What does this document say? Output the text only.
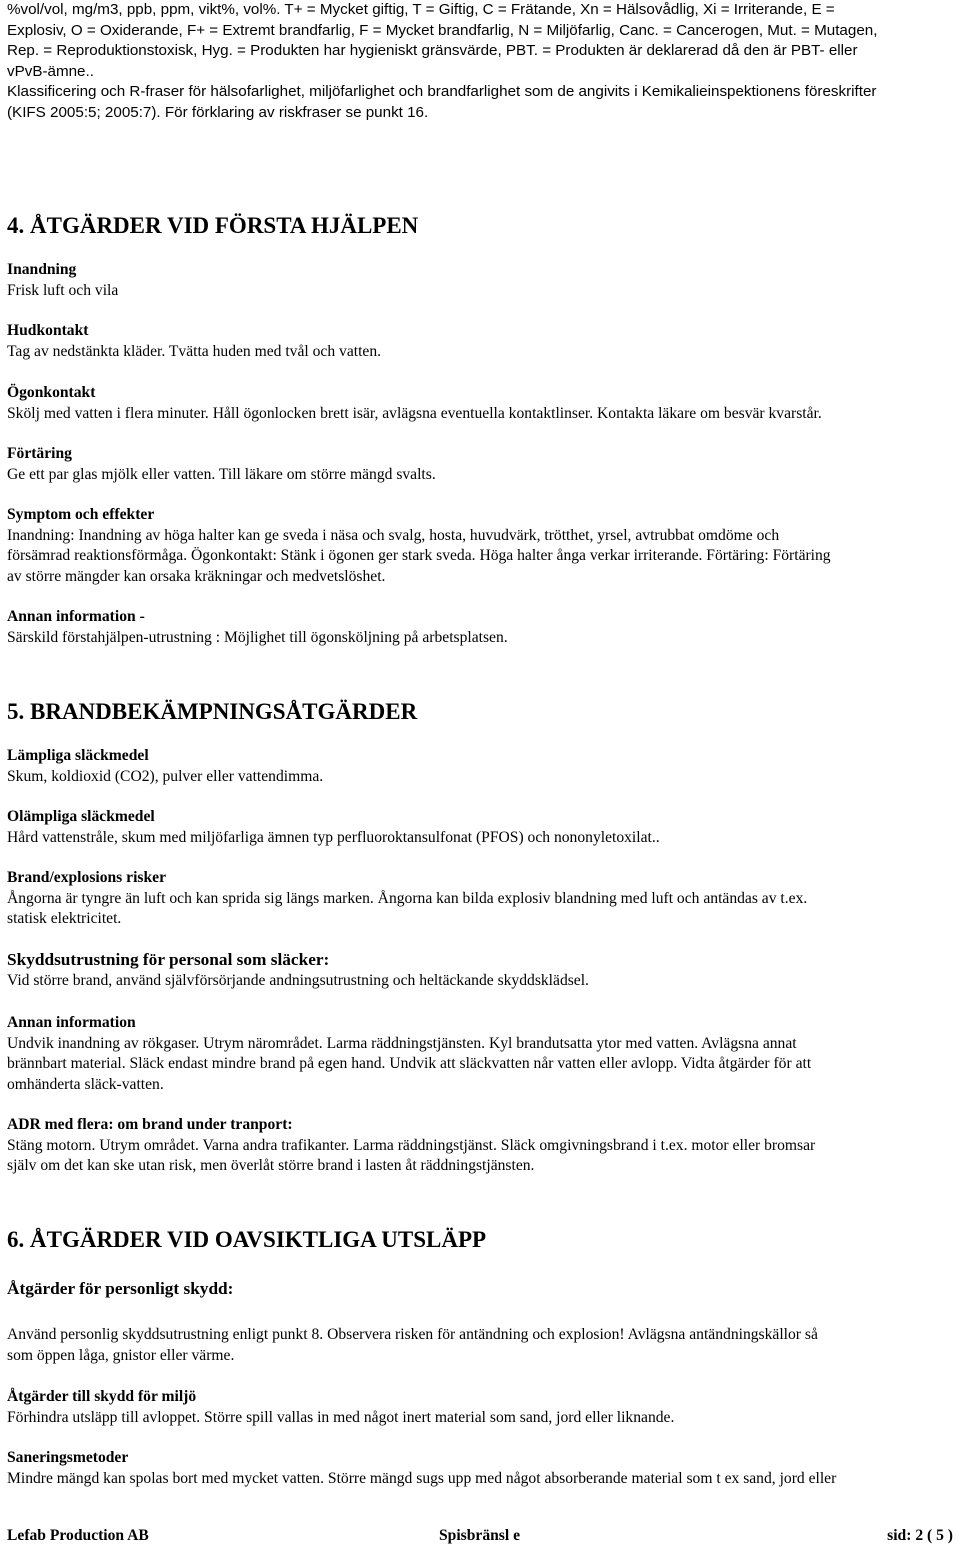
%vol/vol, mg/m3, ppb, ppm, vikt%, vol%. T+ = Mycket giftig, T = Giftig, C = Frätande, Xn = Hälsovådlig, Xi = Irriterande, E =
Explosiv, O = Oxiderande, F+ = Extremt brandfarlig, F = Mycket brandfarlig, N = Miljöfarlig, Canc. = Cancerogen, Mut. = Mutagen,
Rep. = Reproduktionstoxisk, Hyg. = Produkten har hygieniskt gränsvärde, PBT. = Produkten är deklarerad då den är PBT- eller
vPvB-ämne..
Klassificering och R-fraser för hälsofarlighet, miljöfarlighet och brandfarlighet som de angivits i Kemikalieinspektionens föreskrifter
(KIFS 2005:5; 2005:7). För förklaring av riskfraser se punkt 16.
4. ÅTGÄRDER VID FÖRSTA HJÄLPEN
Inandning
Frisk luft och vila
Hudkontakt
Tag av nedstänkta kläder. Tvätta huden med tvål och vatten.
Ögonkontakt
Skölj med vatten i flera minuter. Håll ögonlocken brett isär, avlägsna eventuella kontaktlinser. Kontakta läkare om besvär kvarstår.
Förtäring
Ge ett par glas mjölk eller vatten. Till läkare om större mängd svalts.
Symptom och effekter
Inandning: Inandning av höga halter kan ge sveda i näsa och svalg, hosta, huvudvärk, trötthet, yrsel, avtrubbat omdöme och
försämrad reaktionsförmåga. Ögonkontakt: Stänk i ögonen ger stark sveda. Höga halter ånga verkar irriterande. Förtäring: Förtäring
av större mängder kan orsaka kräkningar och medvetslöshet.
Annan information -
Särskild förstahjälpen-utrustning : Möjlighet till ögonsköljning på arbetsplatsen.
5. BRANDBEKÄMPNINGSÅTGÄRDER
Lämpliga släckmedel
Skum, koldioxid (CO2), pulver eller vattendimma.
Olämpliga släckmedel
Hård vattenstråle, skum med miljöfarliga ämnen typ perfluoroktansulfonat (PFOS) och nononyletoxilat..
Brand/explosions risker
Ångorna är tyngre än luft och kan sprida sig längs marken. Ångorna kan bilda explosiv blandning med luft och antändas av t.ex.
statisk elektricitet.
Skyddsutrustning för personal som släcker:
Vid större brand, använd självförsörjande andningsutrustning och heltäckande skyddsklädsel.
Annan information
Undvik inandning av rökgaser. Utrym närområdet. Larma räddningstjänsten. Kyl brandutsatta ytor med vatten. Avlägsna annat
brännbart material. Släck endast mindre brand på egen hand. Undvik att släckvatten når vatten eller avlopp. Vidta åtgärder för att
omhänderta släck-vatten.
ADR med flera: om brand under tranport:
Stäng motorn. Utrym området. Varna andra trafikanter. Larma räddningstjänst. Släck omgivningsbrand i t.ex. motor eller bromsar
själv om det kan ske utan risk, men överlåt större brand i lasten åt räddningstjänsten.
6. ÅTGÄRDER VID OAVSIKTLIGA UTSLÄPP
Åtgärder för personligt skydd:
Använd personlig skyddsutrustning enligt punkt 8. Observera risken för antändning och explosion! Avlägsna antändningskällor så
som öppen låga, gnistor eller värme.
Åtgärder till skydd för miljö
Förhindra utsläpp till avloppet. Större spill vallas in med något inert material som sand, jord eller liknande.
Saneringsmetoder
Mindre mängd kan spolas bort med mycket vatten. Större mängd sugs upp med något absorberande material som t ex sand, jord eller
Lefab Production AB	Spisbränsl e	sid: 2 ( 5 )
